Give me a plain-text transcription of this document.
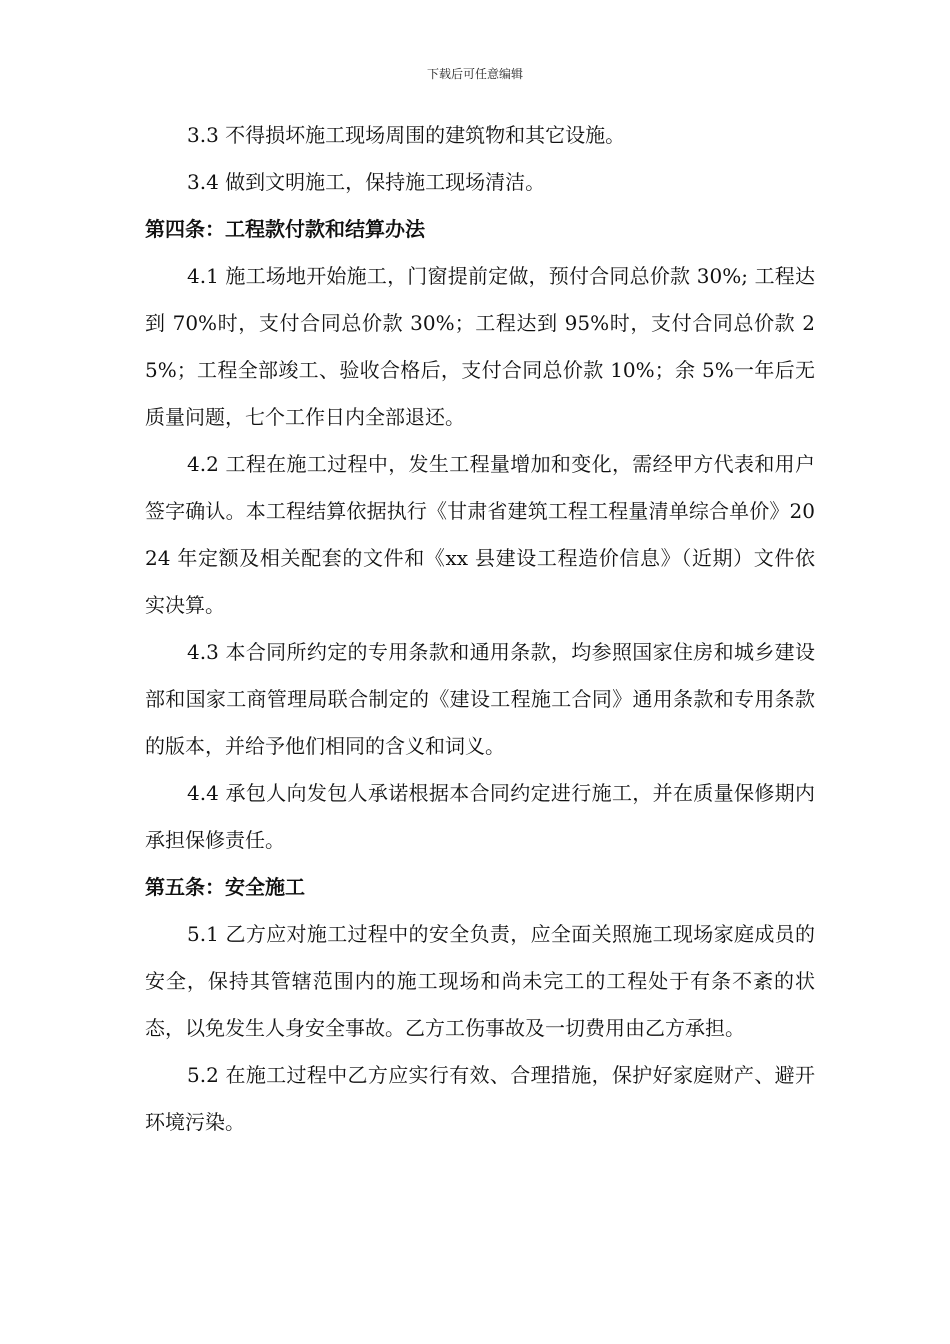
下载后可任意编辑

3.3 不得损坏施工现场周围的建筑物和其它设施。

3.4 做到文明施工，保持施工现场清洁。

第四条：工程款付款和结算办法

4.1 施工场地开始施工，门窗提前定做，预付合同总价款 30%; 工程达到 70%时，支付合同总价款 30%；工程达到 95%时，支付合同总价款 25%；工程全部竣工、验收合格后，支付合同总价款 10%；余 5%一年后无质量问题，七个工作日内全部退还。

4.2 工程在施工过程中，发生工程量增加和变化，需经甲方代表和用户签字确认。本工程结算依据执行《甘肃省建筑工程工程量清单综合单价》2024 年定额及相关配套的文件和《xx 县建设工程造价信息》（近期）文件依实决算。

4.3 本合同所约定的专用条款和通用条款，均参照国家住房和城乡建设部和国家工商管理局联合制定的《建设工程施工合同》通用条款和专用条款的版本，并给予他们相同的含义和词义。

4.4 承包人向发包人承诺根据本合同约定进行施工，并在质量保修期内承担保修责任。

第五条：安全施工

5.1 乙方应对施工过程中的安全负责，应全面关照施工现场家庭成员的安全，保持其管辖范围内的施工现场和尚未完工的工程处于有条不紊的状态，以免发生人身安全事故。乙方工伤事故及一切费用由乙方承担。

5.2 在施工过程中乙方应实行有效、合理措施，保护好家庭财产、避开环境污染。
